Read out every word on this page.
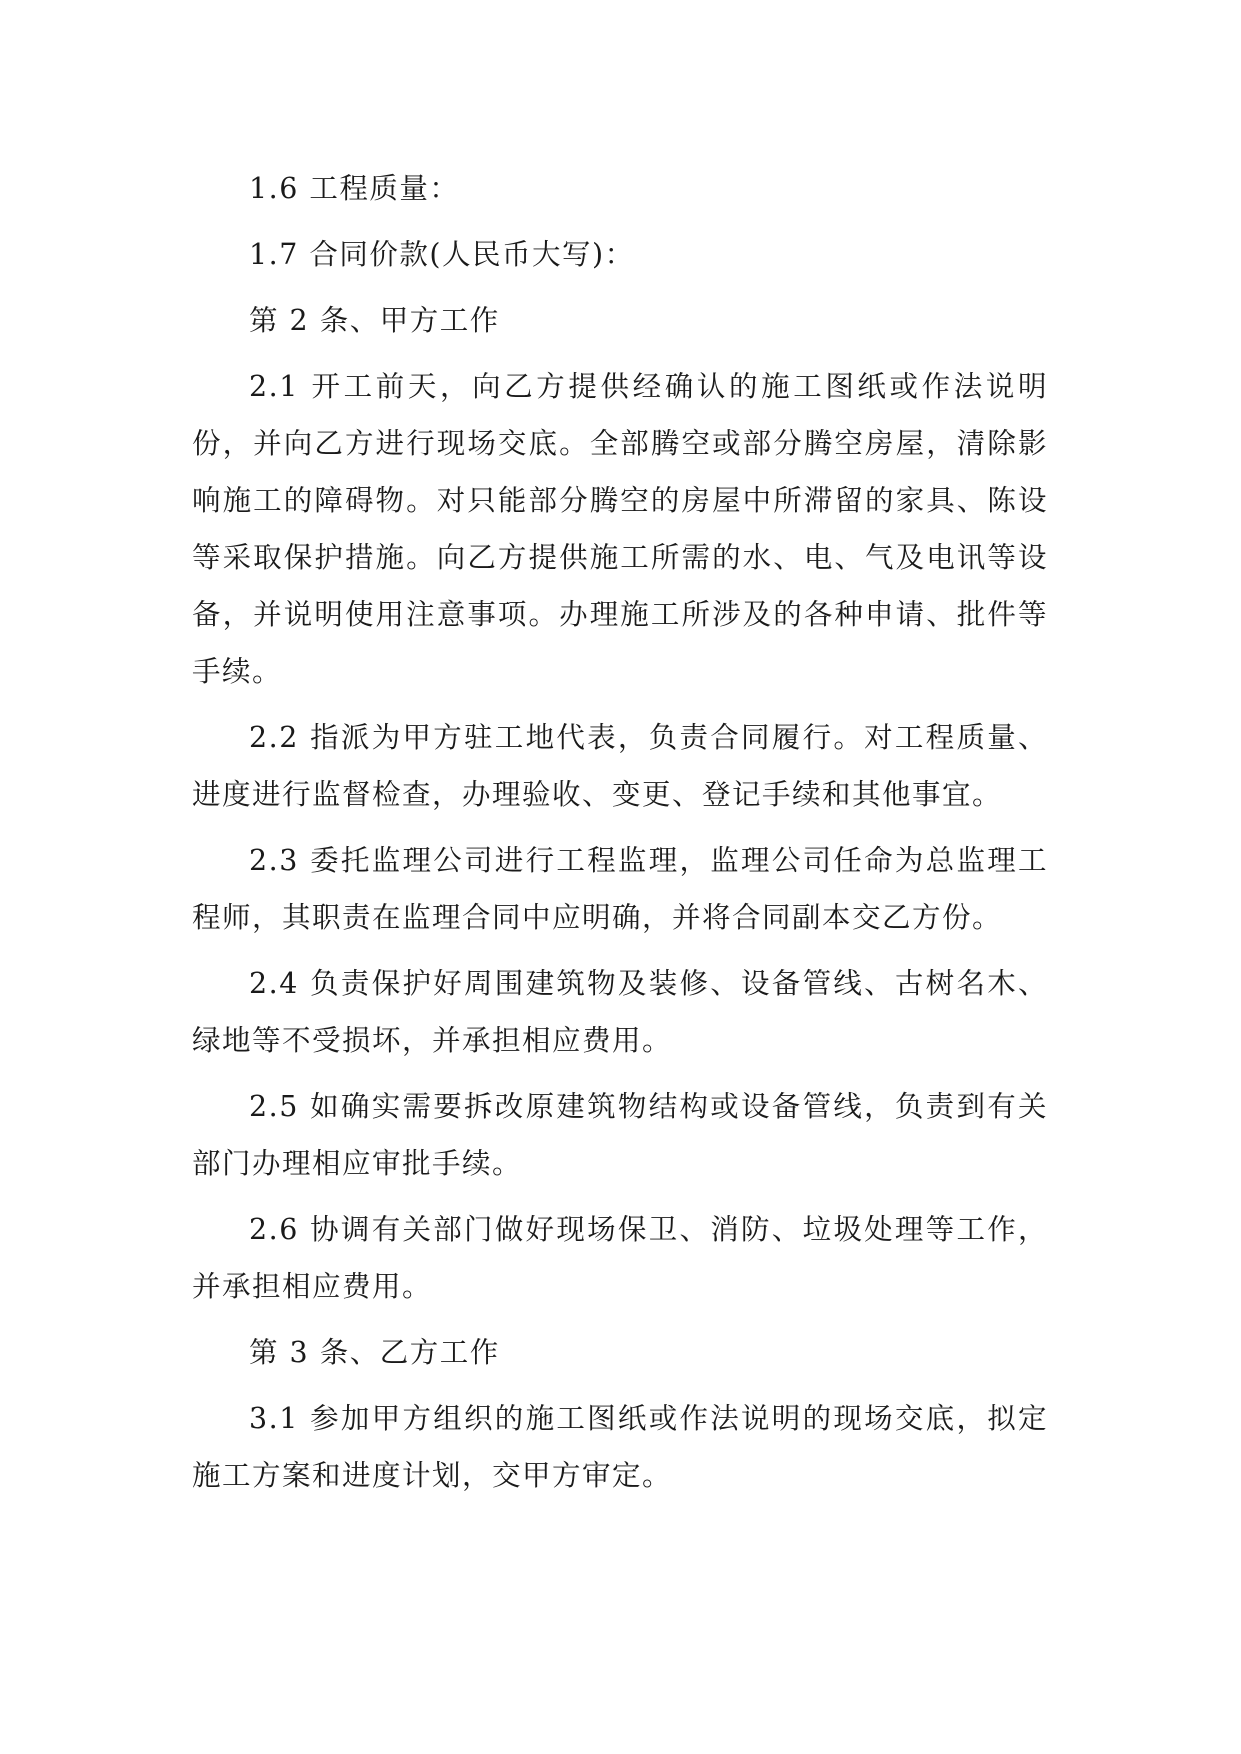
1.6 工程质量：

1.7 合同价款(人民币大写)：

第 2 条、甲方工作

2.1 开工前天，向乙方提供经确认的施工图纸或作法说明份，并向乙方进行现场交底。全部腾空或部分腾空房屋，清除影响施工的障碍物。对只能部分腾空的房屋中所滞留的家具、陈设等采取保护措施。向乙方提供施工所需的水、电、气及电讯等设备，并说明使用注意事项。办理施工所涉及的各种申请、批件等手续。

2.2 指派为甲方驻工地代表，负责合同履行。对工程质量、进度进行监督检查，办理验收、变更、登记手续和其他事宜。

2.3 委托监理公司进行工程监理，监理公司任命为总监理工程师，其职责在监理合同中应明确，并将合同副本交乙方份。

2.4 负责保护好周围建筑物及装修、设备管线、古树名木、绿地等不受损坏，并承担相应费用。

2.5 如确实需要拆改原建筑物结构或设备管线，负责到有关部门办理相应审批手续。

2.6 协调有关部门做好现场保卫、消防、垃圾处理等工作，并承担相应费用。

第 3 条、乙方工作

3.1 参加甲方组织的施工图纸或作法说明的现场交底，拟定施工方案和进度计划，交甲方审定。
